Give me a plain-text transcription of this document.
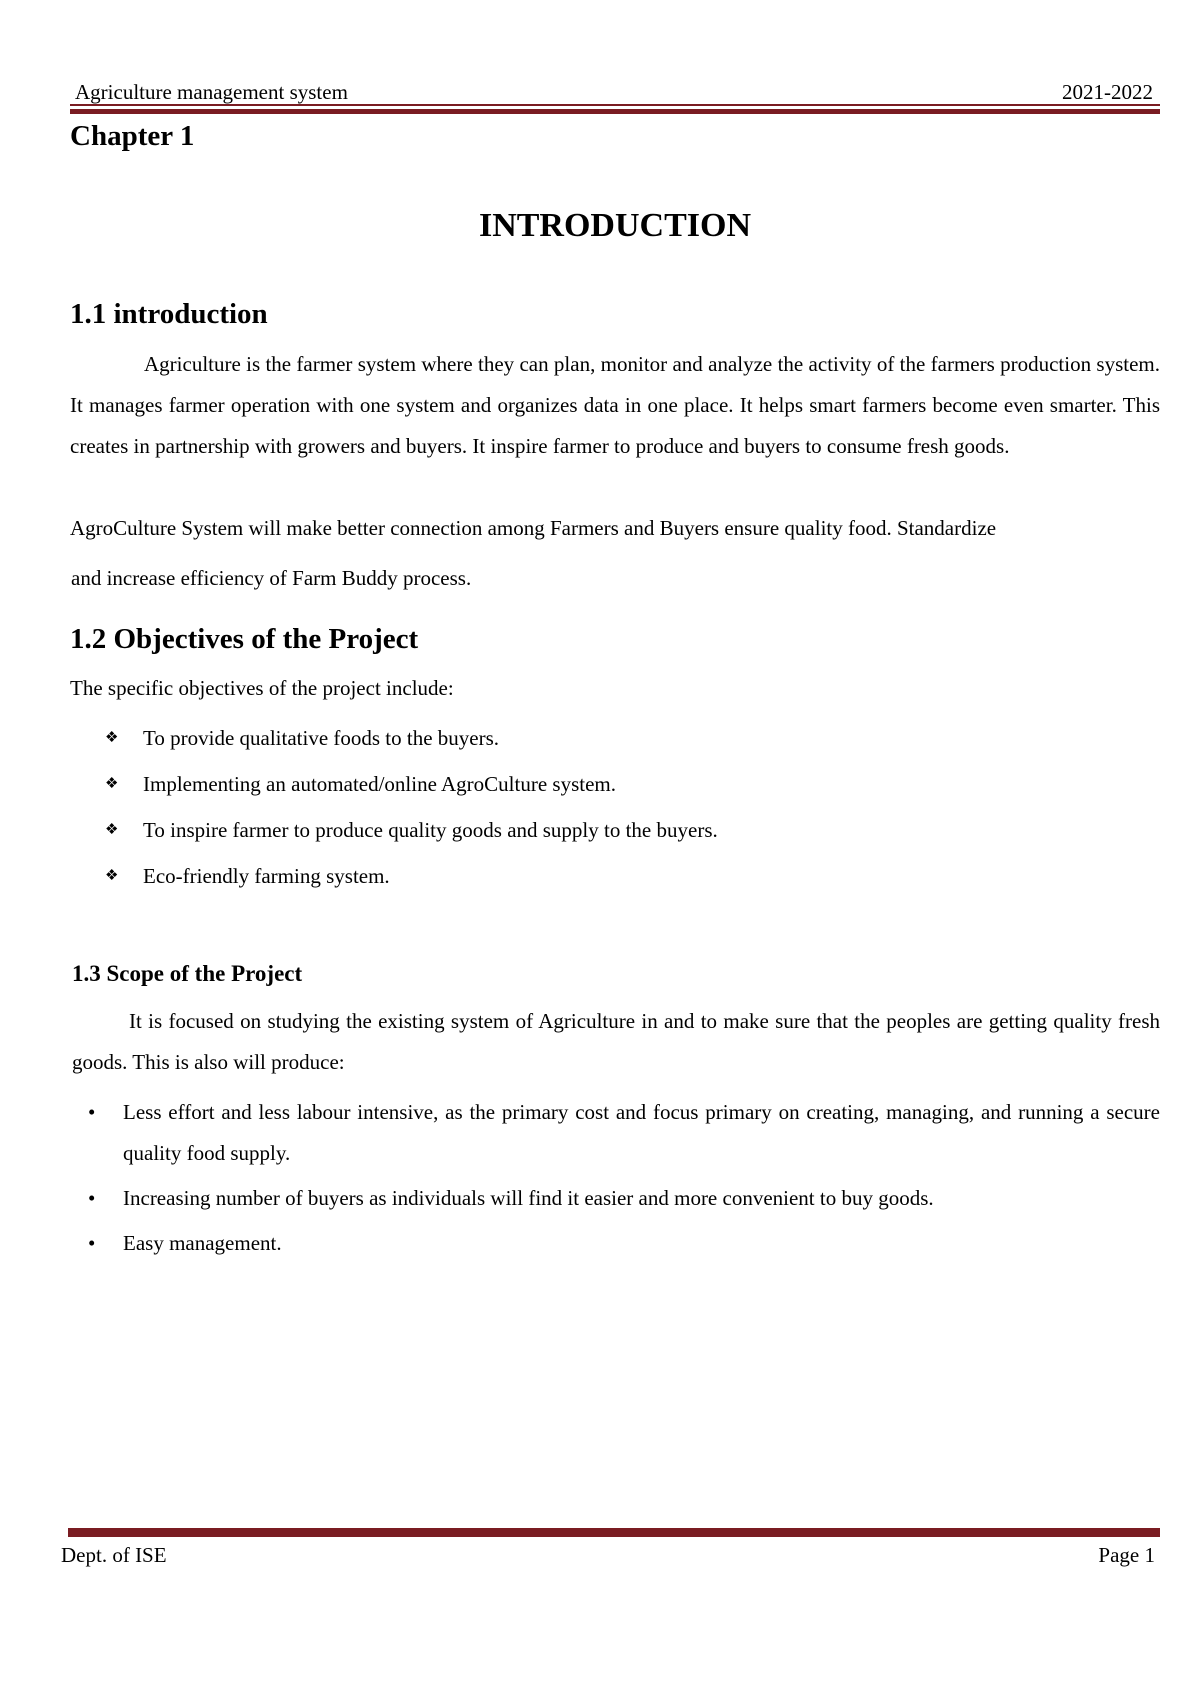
Agriculture management system	2021-2022
Chapter 1
INTRODUCTION
1.1 introduction
Agriculture is the farmer system where they can plan, monitor and analyze the activity of the farmers production system. It manages farmer operation with one system and organizes data in one place. It helps smart farmers become even smarter. This creates in partnership with growers and buyers. It inspire farmer to produce and buyers to consume fresh goods.
AgroCulture System will make better connection among Farmers and Buyers ensure quality food. Standardize
and increase efficiency of Farm Buddy process.
1.2 Objectives of the Project
The specific objectives of the project include:
❖ To provide qualitative foods to the buyers.
❖ Implementing an automated/online AgroCulture system.
❖ To inspire farmer to produce quality goods and supply to the buyers.
❖ Eco-friendly farming system.
1.3 Scope of the Project
It is focused on studying the existing system of Agriculture in and to make sure that the peoples are getting quality fresh goods. This is also will produce:
• Less effort and less labour intensive, as the primary cost and focus primary on creating, managing, and running a secure quality food supply.
• Increasing number of buyers as individuals will find it easier and more convenient to buy goods.
• Easy management.
Dept. of ISE	Page 1
